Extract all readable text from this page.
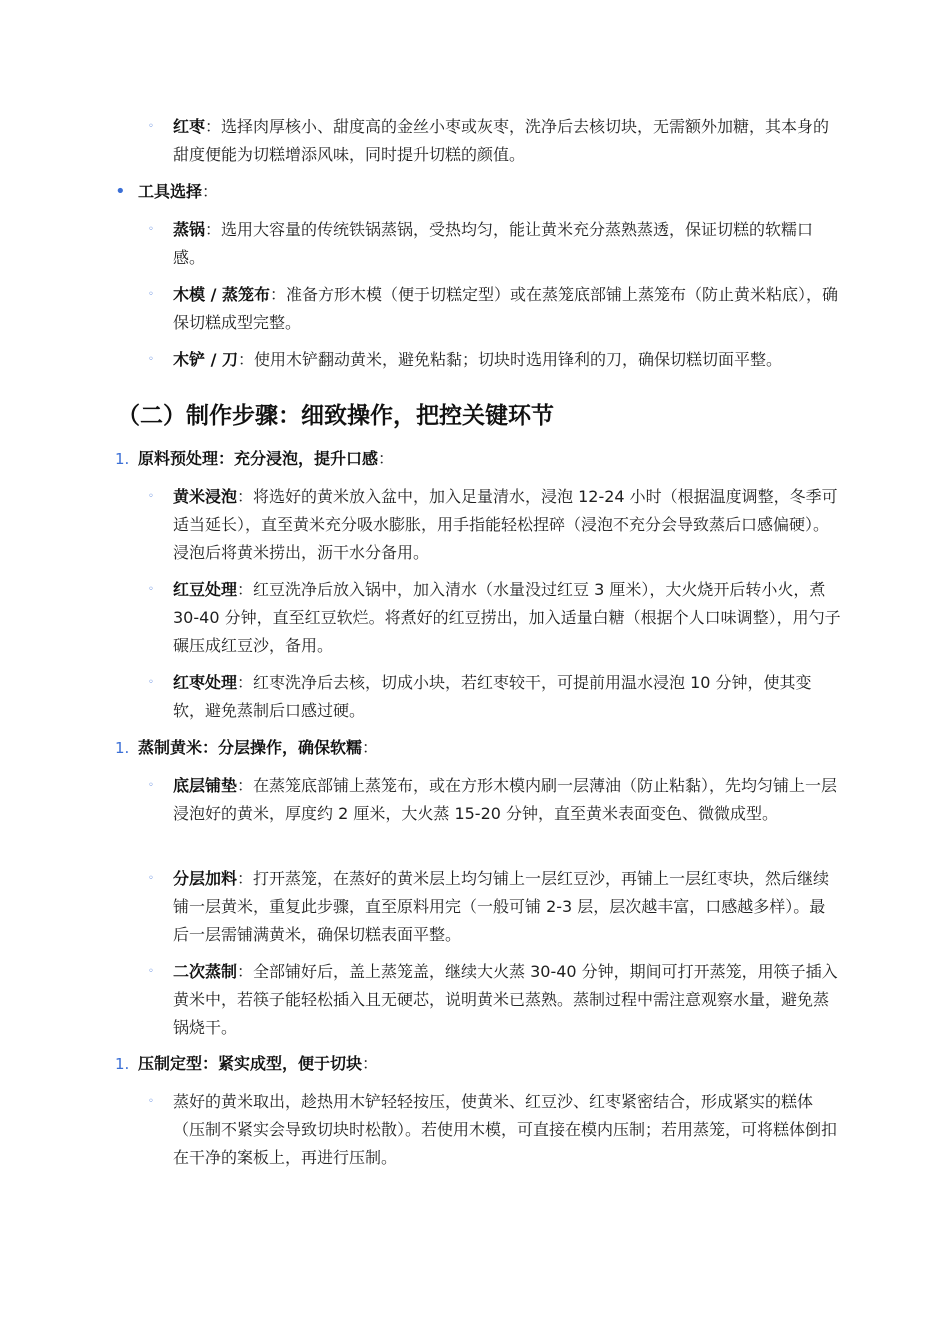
◦ 红枣：选择肉厚核小、甜度高的金丝小枣或灰枣，洗净后去核切块，无需额外加糖，其本身的甜度便能为切糕增添风味，同时提升切糕的颜值。
• 工具选择：
◦ 蒸锅：选用大容量的传统铁锅蒸锅，受热均匀，能让黄米充分蒸熟蒸透，保证切糕的软糯口感。
◦ 木模 / 蒸笼布：准备方形木模（便于切糕定型）或在蒸笼底部铺上蒸笼布（防止黄米粘底），确保切糕成型完整。
◦ 木铲 / 刀：使用木铲翻动黄米，避免粘黏；切块时选用锋利的刀，确保切糕切面平整。
（二）制作步骤：细致操作，把控关键环节
1. 原料预处理：充分浸泡，提升口感：
◦ 黄米浸泡：将选好的黄米放入盆中，加入足量清水，浸泡 12-24 小时（根据温度调整，冬季可适当延长），直至黄米充分吸水膨胀，用手指能轻松捏碎（浸泡不充分会导致蒸后口感偏硬）。浸泡后将黄米捞出，沥干水分备用。
◦ 红豆处理：红豆洗净后放入锅中，加入清水（水量没过红豆 3 厘米），大火烧开后转小火，煮 30-40 分钟，直至红豆软烂。将煮好的红豆捞出，加入适量白糖（根据个人口味调整），用勺子碾压成红豆沙，备用。
◦ 红枣处理：红枣洗净后去核，切成小块，若红枣较干，可提前用温水浸泡 10 分钟，使其变软，避免蒸制后口感过硬。
1. 蒸制黄米：分层操作，确保软糯：
◦ 底层铺垫：在蒸笼底部铺上蒸笼布，或在方形木模内刷一层薄油（防止粘黏），先均匀铺上一层浸泡好的黄米，厚度约 2 厘米，大火蒸 15-20 分钟，直至黄米表面变色、微微成型。
◦ 分层加料：打开蒸笼，在蒸好的黄米层上均匀铺上一层红豆沙，再铺上一层红枣块，然后继续铺一层黄米，重复此步骤，直至原料用完（一般可铺 2-3 层，层次越丰富，口感越多样）。最后一层需铺满黄米，确保切糕表面平整。
◦ 二次蒸制：全部铺好后，盖上蒸笼盖，继续大火蒸 30-40 分钟，期间可打开蒸笼，用筷子插入黄米中，若筷子能轻松插入且无硬芯，说明黄米已蒸熟。蒸制过程中需注意观察水量，避免蒸锅烧干。
1. 压制定型：紧实成型，便于切块：
◦ 蒸好的黄米取出，趁热用木铲轻轻按压，使黄米、红豆沙、红枣紧密结合，形成紧实的糕体（压制不紧实会导致切块时松散）。若使用木模，可直接在模内压制；若用蒸笼，可将糕体倒扣在干净的案板上，再进行压制。
